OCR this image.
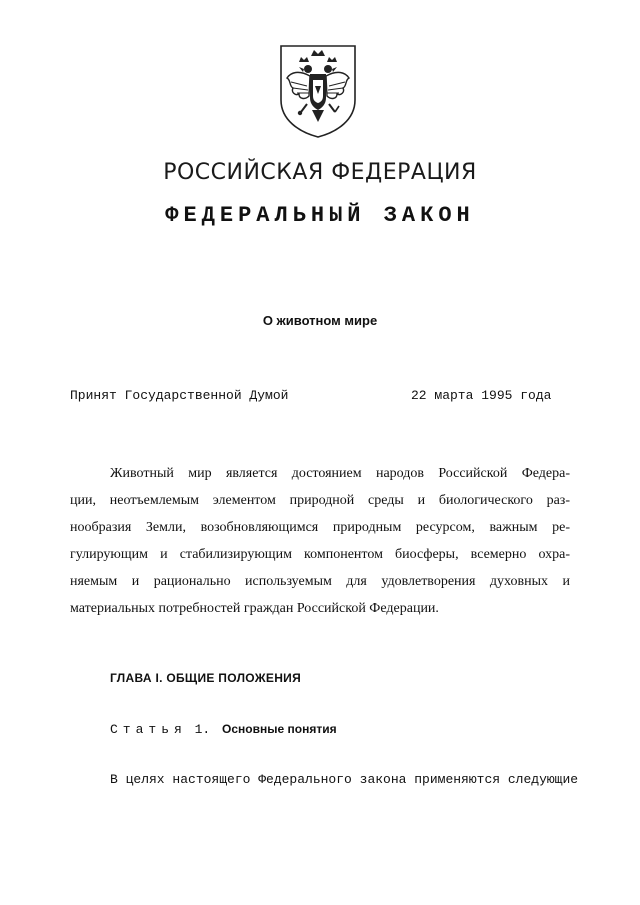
РОССИЙСКАЯ ФЕДЕРАЦИЯ
ФЕДЕРАЛЬНЫЙ ЗАКОН
О животном мире
Принят Государственной Думой	22 марта 1995 года
Животный мир является достоянием народов Российской Федера-
ции, неотъемлемым элементом природной среды и биологического раз-
нообразия Земли, возобновляющимся природным ресурсом, важным ре-
гулирующим и стабилизирующим компонентом биосферы, всемерно охра-
няемым и рационально используемым для удовлетворения духовных и
материальных потребностей граждан Российской Федерации.
ГЛАВА I. ОБЩИЕ ПОЛОЖЕНИЯ
Статья 1. Основные понятия
В целях настоящего Федерального закона применяются следующие
